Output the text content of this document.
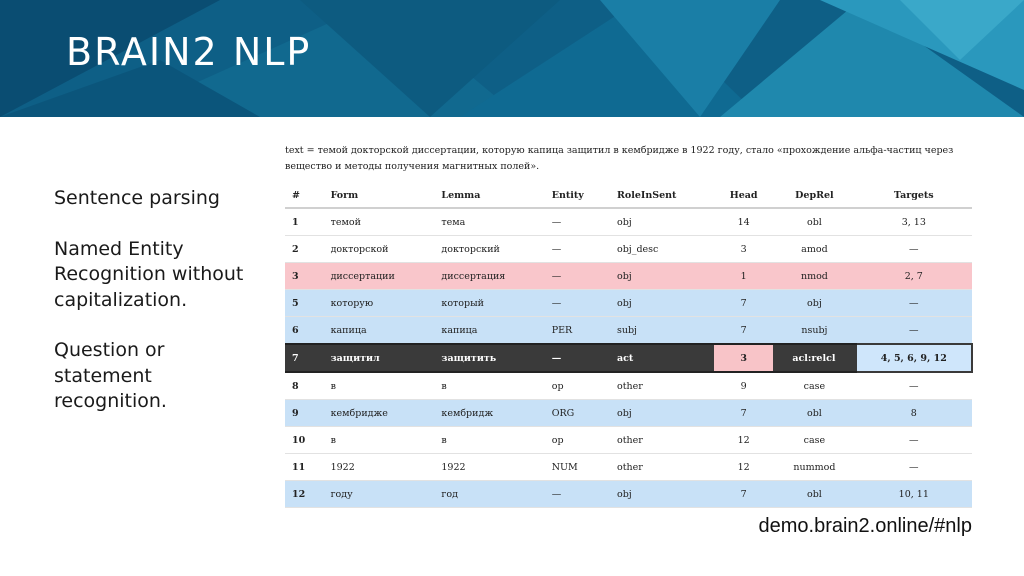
BRAIN2 NLP

Sentence parsing

Named Entity Recognition without capitalization.

Question or statement recognition.

text = темой докторской диссертации, которую капица защитил в кембридже в 1922 году, стало «прохождение альфа-частиц через вещество и методы получения магнитных полей».
#	Form	Lemma	Entity	RoleInSent	Head	DepRel	Targets
1	темой	тема	—	obj	14	obl	3, 13
2	докторской	докторский	—	obj_desc	3	amod	—
3	диссертации	диссертация	—	obj	1	nmod	2, 7
5	которую	который	—	obj	7	obj	—
6	капица	капица	PER	subj	7	nsubj	—
7	защитил	защитить	—	act	3	acl:relcl	4, 5, 6, 9, 12
8	в	в	op	other	9	case	—
9	кембридже	кембридж	ORG	obj	7	obl	8
10	в	в	op	other	12	case	—
11	1922	1922	NUM	other	12	nummod	—
12	году	год	—	obj	7	obl	10, 11
demo.brain2.online/#nlp
